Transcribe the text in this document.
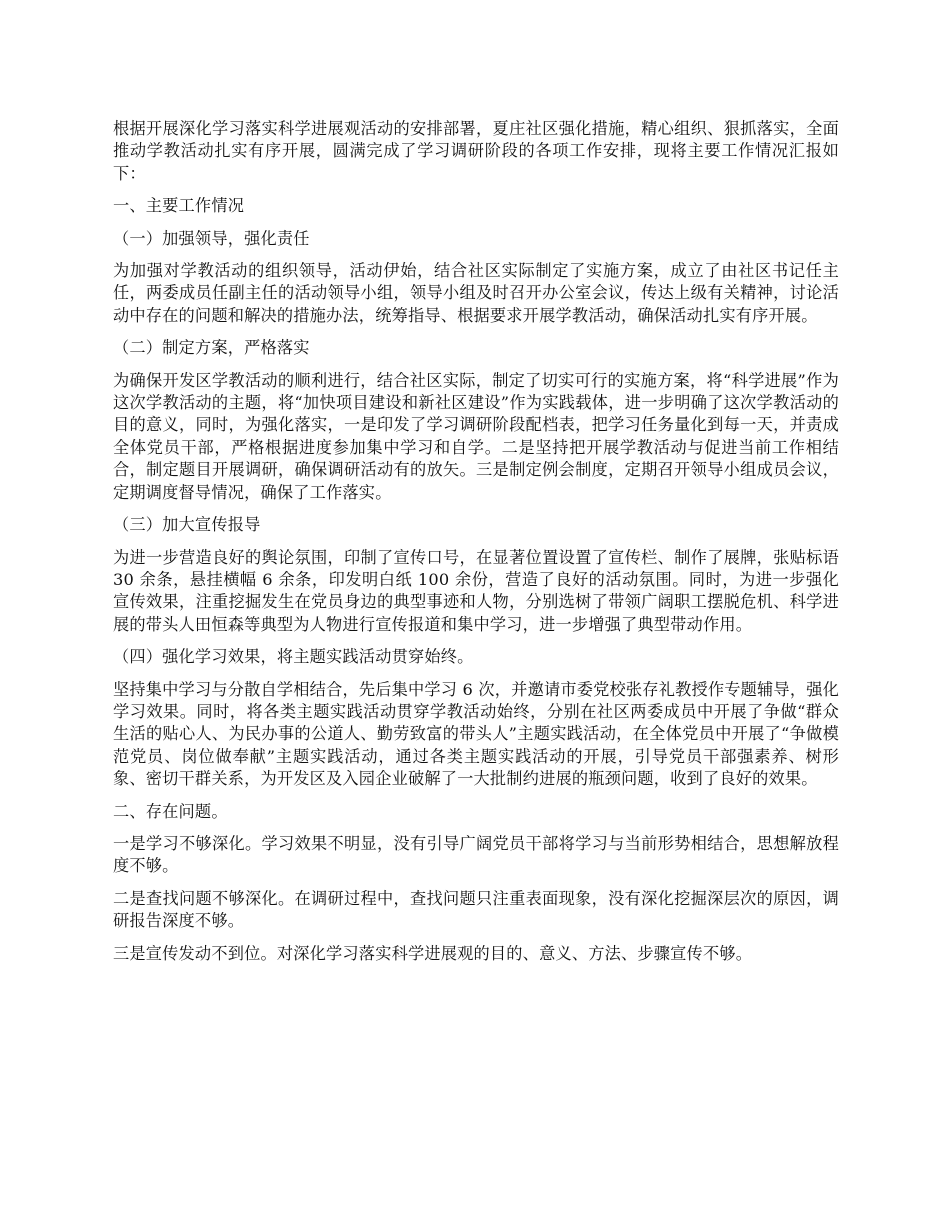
根据开展深化学习落实科学进展观活动的安排部署，夏庄社区强化措施，精心组织、狠抓落实，全面推动学教活动扎实有序开展，圆满完成了学习调研阶段的各项工作安排，现将主要工作情况汇报如下：

一、主要工作情况

（一）加强领导，强化责任

为加强对学教活动的组织领导，活动伊始，结合社区实际制定了实施方案，成立了由社区书记任主任，两委成员任副主任的活动领导小组，领导小组及时召开办公室会议，传达上级有关精神，讨论活动中存在的问题和解决的措施办法，统筹指导、根据要求开展学教活动，确保活动扎实有序开展。

（二）制定方案，严格落实

为确保开发区学教活动的顺利进行，结合社区实际，制定了切实可行的实施方案，将“科学进展”作为这次学教活动的主题，将“加快项目建设和新社区建设”作为实践载体，进一步明确了这次学教活动的目的意义，同时，为强化落实，一是印发了学习调研阶段配档表，把学习任务量化到每一天，并责成全体党员干部，严格根据进度参加集中学习和自学。二是坚持把开展学教活动与促进当前工作相结合，制定题目开展调研，确保调研活动有的放矢。三是制定例会制度，定期召开领导小组成员会议，定期调度督导情况，确保了工作落实。

（三）加大宣传报导

为进一步营造良好的舆论氛围，印制了宣传口号，在显著位置设置了宣传栏、制作了展牌，张贴标语 30 余条，悬挂横幅 6 余条，印发明白纸 100 余份，营造了良好的活动氛围。同时，为进一步强化宣传效果，注重挖掘发生在党员身边的典型事迹和人物，分别选树了带领广阔职工摆脱危机、科学进展的带头人田恒森等典型为人物进行宣传报道和集中学习，进一步增强了典型带动作用。

（四）强化学习效果，将主题实践活动贯穿始终。

坚持集中学习与分散自学相结合，先后集中学习 6 次，并邀请市委党校张存礼教授作专题辅导，强化学习效果。同时，将各类主题实践活动贯穿学教活动始终，分别在社区两委成员中开展了争做“群众生活的贴心人、为民办事的公道人、勤劳致富的带头人”主题实践活动，在全体党员中开展了“争做模范党员、岗位做奉献”主题实践活动，通过各类主题实践活动的开展，引导党员干部强素养、树形象、密切干群关系，为开发区及入园企业破解了一大批制约进展的瓶颈问题，收到了良好的效果。

二、存在问题。

一是学习不够深化。学习效果不明显，没有引导广阔党员干部将学习与当前形势相结合，思想解放程度不够。

二是查找问题不够深化。在调研过程中，查找问题只注重表面现象，没有深化挖掘深层次的原因，调研报告深度不够。

三是宣传发动不到位。对深化学习落实科学进展观的目的、意义、方法、步骤宣传不够。
